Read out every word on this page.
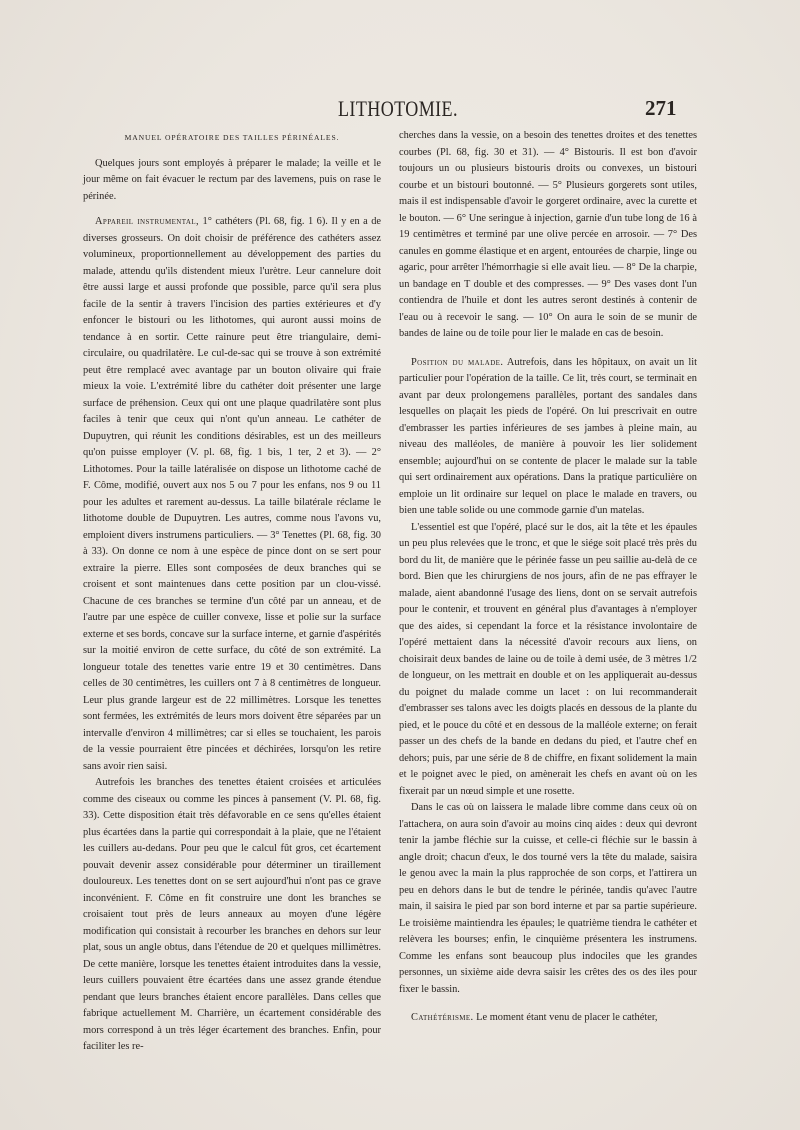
LITHOTOMIE.	271

MANUEL OPÉRATOIRE DES TAILLES PÉRINÉALES.

Quelques jours sont employés à préparer le malade; la veille et le jour même on fait évacuer le rectum par des lavemens, puis on rase le périnée.

Appareil instrumental, 1° cathéters (Pl. 68, fig. 1 6). Il y en a de diverses grosseurs. On doit choisir de préférence des cathéters assez volumineux, proportionnellement au développement des parties du malade, attendu qu'ils distendent mieux l'urètre. Leur cannelure doit être aussi large et aussi profonde que possible, parce qu'il sera plus facile de la sentir à travers l'incision des parties extérieures et d'y enfoncer le bistouri ou les lithotomes, qui auront aussi moins de tendance à en sortir. Cette rainure peut être triangulaire, demi-circulaire, ou quadrilatère. Le cul-de-sac qui se trouve à son extrémité peut être remplacé avec avantage par un bouton olivaire qui fraie mieux la voie. L'extrémité libre du cathéter doit présenter une large surface de préhension. Ceux qui ont une plaque quadrilatère sont plus faciles à tenir que ceux qui n'ont qu'un anneau. Le cathéter de Dupuytren, qui réunit les conditions désirables, est un des meilleurs qu'on puisse employer (V. pl. 68, fig. 1 bis, 1 ter, 2 et 3). — 2° Lithotomes. Pour la taille latéralisée on dispose un lithotome caché de F. Côme, modifié, ouvert aux nos 5 ou 7 pour les enfans, nos 9 ou 11 pour les adultes et rarement au-dessus. La taille bilatérale réclame le lithotome double de Dupuytren. Les autres, comme nous l'avons vu, emploient divers instrumens particuliers. — 3° Tenettes (Pl. 68, fig. 30 à 33). On donne ce nom à une espèce de pince dont on se sert pour extraire la pierre. Elles sont composées de deux branches qui se croisent et sont maintenues dans cette position par un clou-vissé. Chacune de ces branches se termine d'un côté par un anneau, et de l'autre par une espèce de cuiller convexe, lisse et polie sur la surface externe et ses bords, concave sur la surface interne, et garnie d'aspérités sur la moitié environ de cette surface, du côté de son extrémité. La longueur totale des tenettes varie entre 19 et 30 centimètres. Dans celles de 30 centimètres, les cuillers ont 7 à 8 centimètres de longueur. Leur plus grande largeur est de 22 millimètres. Lorsque les tenettes sont fermées, les extrémités de leurs mors doivent être séparées par un intervalle d'environ 4 millimètres; car si elles se touchaient, les parois de la vessie pourraient être pincées et déchirées, lorsqu'on les retire sans avoir rien saisi.

Autrefois les branches des tenettes étaient croisées et articulées comme des ciseaux ou comme les pinces à pansement (V. Pl. 68, fig. 33). Cette disposition était très défavorable en ce sens qu'elles étaient plus écartées dans la partie qui correspondait à la plaie, que ne l'étaient les cuillers au-dedans. Pour peu que le calcul fût gros, cet écartement pouvait devenir assez considérable pour déterminer un tiraillement douloureux. Les tenettes dont on se sert aujourd'hui n'ont pas ce grave inconvénient. F. Côme en fit construire une dont les branches se croisaient tout près de leurs anneaux au moyen d'une légère modification qui consistait à recourber les branches en dehors sur leur plat, sous un angle obtus, dans l'étendue de 20 et quelques millimètres. De cette manière, lorsque les tenettes étaient introduites dans la vessie, leurs cuillers pouvaient être écartées dans une assez grande étendue pendant que leurs branches étaient encore parallèles. Dans celles que fabrique actuellement M. Charrière, un écartement considérable des mors correspond à un très léger écartement des branches. Enfin, pour faciliter les re-

cherches dans la vessie, on a besoin des tenettes droites et des tenettes courbes (Pl. 68, fig. 30 et 31). — 4° Bistouris. Il est bon d'avoir toujours un ou plusieurs bistouris droits ou convexes, un bistouri courbe et un bistouri boutonné. — 5° Plusieurs gorgerets sont utiles, mais il est indispensable d'avoir le gorgeret ordinaire, avec la curette et le bouton. — 6° Une seringue à injection, garnie d'un tube long de 16 à 19 centimètres et terminé par une olive percée en arrosoir. — 7° Des canules en gomme élastique et en argent, entourées de charpie, linge ou agaric, pour arrêter l'hémorrhagie si elle avait lieu. — 8° De la charpie, un bandage en T double et des compresses. — 9° Des vases dont l'un contiendra de l'huile et dont les autres seront destinés à contenir de l'eau ou à recevoir le sang. — 10° On aura le soin de se munir de bandes de laine ou de toile pour lier le malade en cas de besoin.

Position du malade. Autrefois, dans les hôpitaux, on avait un lit particulier pour l'opération de la taille. Ce lit, très court, se terminait en avant par deux prolongemens parallèles, portant des sandales dans lesquelles on plaçait les pieds de l'opéré. On lui prescrivait en outre d'embrasser les parties inférieures de ses jambes à pleine main, au niveau des malléoles, de manière à pouvoir les lier solidement ensemble; aujourd'hui on se contente de placer le malade sur la table qui sert ordinairement aux opérations. Dans la pratique particulière on emploie un lit ordinaire sur lequel on place le malade en travers, ou bien une table solide ou une commode garnie d'un matelas.

L'essentiel est que l'opéré, placé sur le dos, ait la tête et les épaules un peu plus relevées que le tronc, et que le siége soit placé très près du bord du lit, de manière que le périnée fasse un peu saillie au-delà de ce bord. Bien que les chirurgiens de nos jours, afin de ne pas effrayer le malade, aient abandonné l'usage des liens, dont on se servait autrefois pour le contenir, et trouvent en général plus d'avantages à n'employer que des aides, si cependant la force et la résistance involontaire de l'opéré mettaient dans la nécessité d'avoir recours aux liens, on choisirait deux bandes de laine ou de toile à demi usée, de 3 mètres 1/2 de longueur, on les mettrait en double et on les appliquerait au-dessus du poignet du malade comme un lacet : on lui recommanderait d'embrasser ses talons avec les doigts placés en dessous de la plante du pied, et le pouce du côté et en dessous de la malléole externe; on ferait passer un des chefs de la bande en dedans du pied, et l'autre chef en dehors; puis, par une série de 8 de chiffre, en fixant solidement la main et le poignet avec le pied, on amènerait les chefs en avant où on les fixerait par un nœud simple et une rosette.

Dans le cas où on laissera le malade libre comme dans ceux où on l'attachera, on aura soin d'avoir au moins cinq aides : deux qui devront tenir la jambe fléchie sur la cuisse, et celle-ci fléchie sur le bassin à angle droit; chacun d'eux, le dos tourné vers la tête du malade, saisira le genou avec la main la plus rapprochée de son corps, et l'attirera un peu en dehors dans le but de tendre le périnée, tandis qu'avec l'autre main, il saisira le pied par son bord interne et par sa partie supérieure. Le troisième maintiendra les épaules; le quatrième tiendra le cathéter et relèvera les bourses; enfin, le cinquième présentera les instrumens. Comme les enfans sont beaucoup plus indociles que les grandes personnes, un sixième aide devra saisir les crêtes des os des iles pour fixer le bassin.

Cathétérisme. Le moment étant venu de placer le cathéter,
